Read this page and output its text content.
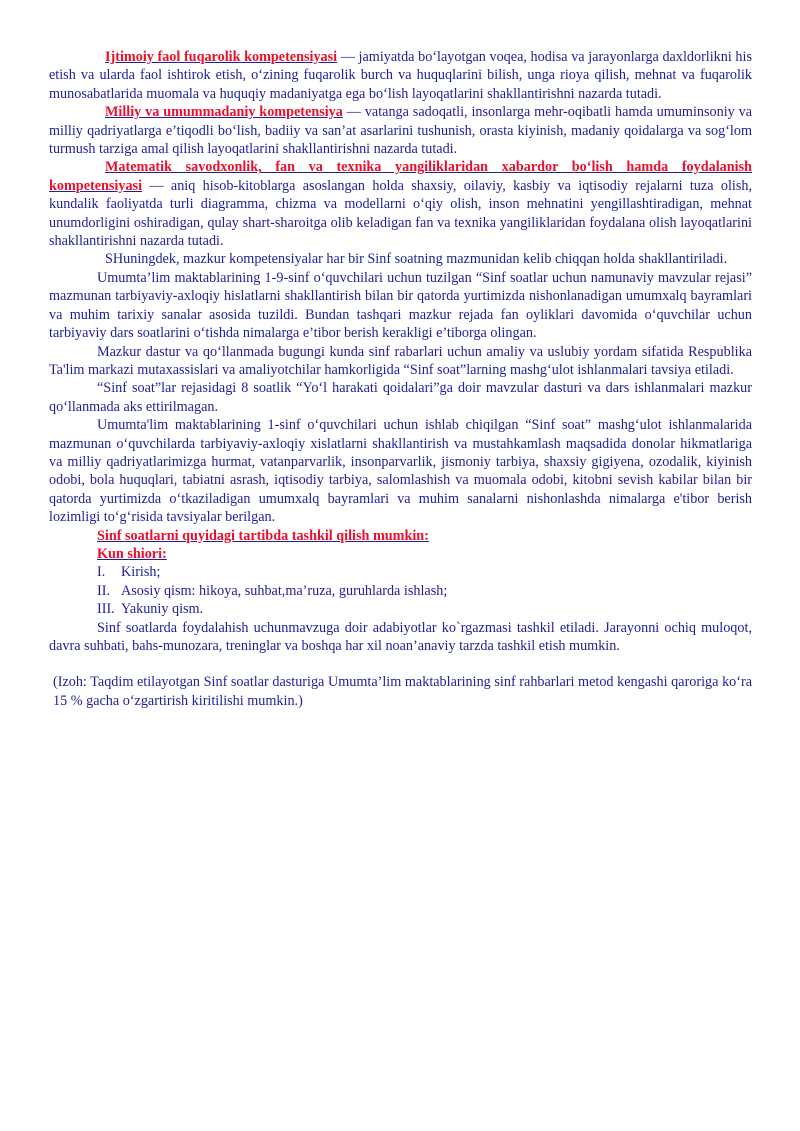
Ijtimoiy faol fuqarolik kompetensiyasi — jamiyatda bo‘layotgan voqea, hodisa va jarayonlarga daxldorlikni his etish va ularda faol ishtirok etish, o‘zining fuqarolik burch va huquqlarini bilish, unga rioya qilish, mehnat va fuqarolik munosabatlarida muomala va huquqiy madaniyatga ega bo‘lish layoqatlarini shakllantirishni nazarda tutadi.

Milliy va umummadaniy kompetensiya — vatanga sadoqatli, insonlarga mehr-oqibatli hamda umuminsoniy va milliy qadriyatlarga e’tiqodli bo‘lish, badiiy va san’at asarlarini tushunish, orasta kiyinish, madaniy qoidalarga va sog‘lom turmush tarziga amal qilish layoqatlarini shakllantirishni nazarda tutadi.

Matematik savodxonlik, fan va texnika yangiliklaridan xabardor bo‘lish hamda foydalanish kompetensiyasi — aniq hisob-kitoblarga asoslangan holda shaxsiy, oilaviy, kasbiy va iqtisodiy rejalarni tuza olish, kundalik faoliyatda turli diagramma, chizma va modellarni o‘qiy olish, inson mehnatini yengillashtiradigan, mehnat unumdorligini oshiradigan, qulay shart-sharoitga olib keladigan fan va texnika yangiliklaridan foydalana olish layoqatlarini shakllantirishni nazarda tutadi.

SHuningdek, mazkur kompetensiyalar har bir Sinf soatning mazmunidan kelib chiqqan holda shakllantiriladi.

Umumta’lim maktablarining 1-9-sinf o‘quvchilari uchun tuzilgan “Sinf soatlar uchun namunaviy mavzular rejasi” mazmunan tarbiyaviy-axloqiy hislatlarni shakllantirish bilan bir qatorda yurtimizda nishonlanadigan umumxalq bayramlari va muhim tarixiy sanalar asosida tuzildi. Bundan tashqari mazkur rejada fan oyliklari davomida o‘quvchilar uchun tarbiyaviy dars soatlarini o‘tishda nimalarga e’tibor berish kerakligi e’tiborga olingan.

Mazkur dastur va qo‘llanmada bugungi kunda sinf rabarlari uchun amaliy va uslubiy yordam sifatida Respublika Ta'lim markazi mutaxassislari va amaliyotchilar hamkorligida “Sinf soat”larning mashg‘ulot ishlanmalari tavsiya etiladi.

“Sinf soat”lar rejasidagi 8 soatlik “Yo‘l harakati qoidalari”ga doir mavzular dasturi va dars ishlanmalari mazkur qo‘llanmada aks ettirilmagan.

Umumta'lim maktablarining 1-sinf o‘quvchilari uchun ishlab chiqilgan “Sinf soat” mashg‘ulot ishlanmalarida mazmunan o‘quvchilarda tarbiyaviy-axloqiy xislatlarni shakllantirish va mustahkamlash maqsadida donolar hikmatlariga va milliy qadriyatlarimizga hurmat, vatanparvarlik, insonparvarlik, jismoniy tarbiya, shaxsiy gigiyena, ozodalik, kiyinish odobi, bola huquqlari, tabiatni asrash, iqtisodiy tarbiya, salomlashish va muomala odobi, kitobni sevish kabilar bilan bir qatorda yurtimizda o‘tkaziladigan umumxalq bayramlari va muhim sanalarni nishonlashda nimalarga e'tibor berish lozimligi to‘g‘risida tavsiyalar berilgan.

Sinf soatlarni quyidagi tartibda tashkil qilish mumkin:

Kun shiori:

I. Kirish;
II. Asosiy qism: hikoya, suhbat,ma’ruza, guruhlarda ishlash;
III. Yakuniy qism.

Sinf soatlarda foydalahish uchunmavzuga doir adabiyotlar ko`rgazmasi tashkil etiladi. Jarayonni ochiq muloqot, davra suhbati, bahs-munozara, treninglar va boshqa har xil noan’anaviy tarzda tashkil etish mumkin.

(Izoh: Taqdim etilayotgan Sinf soatlar dasturiga Umumta’lim maktablarining sinf rahbarlari metod kengashi qaroriga ko‘ra 15 % gacha o‘zgartirish kiritilishi mumkin.)
